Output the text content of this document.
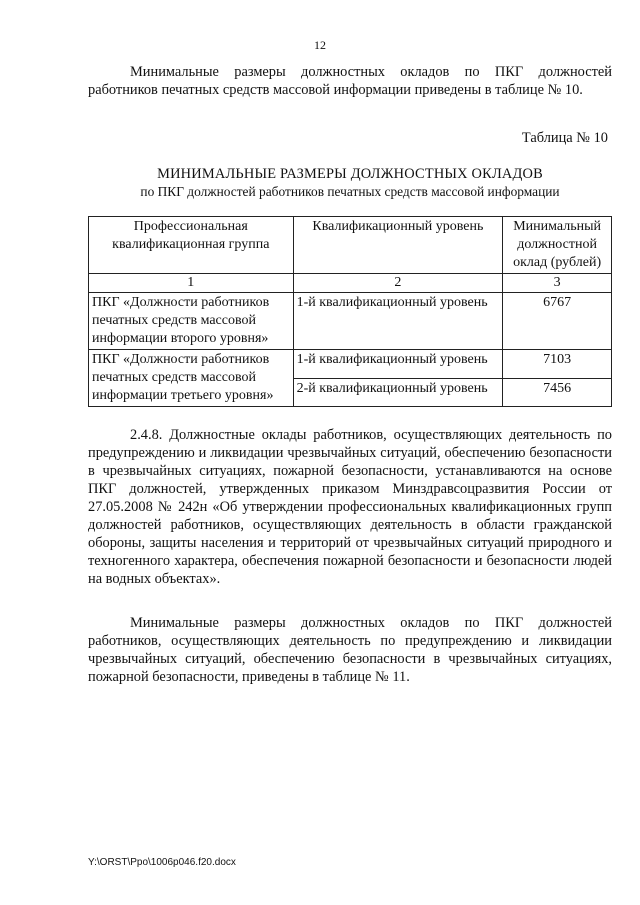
12

Минимальные размеры должностных окладов по ПКГ должностей работников печатных средств массовой информации приведены в таблице № 10.

Таблица № 10
МИНИМАЛЬНЫЕ РАЗМЕРЫ ДОЛЖНОСТНЫХ ОКЛАДОВ
по ПКГ должностей работников печатных средств массовой информации
Профессиональная квалификационная группа	Квалификационный уровень	Минимальный должностной оклад (рублей)
1	2	3
ПКГ «Должности работников печатных средств массовой информации второго уровня»	1-й квалификационный уровень	6767
ПКГ «Должности работников печатных средств массовой информации третьего уровня»	1-й квалификационный уровень	7103
	2-й квалификационный уровень	7456

2.4.8. Должностные оклады работников, осуществляющих деятельность по предупреждению и ликвидации чрезвычайных ситуаций, обеспечению безопасности в чрезвычайных ситуациях, пожарной безопасности, устанавливаются на основе ПКГ должностей, утвержденных приказом Минздравсоцразвития России от 27.05.2008 № 242н «Об утверждении профессиональных квалификационных групп должностей работников, осуществляющих деятельность в области гражданской обороны, защиты населения и территорий от чрезвычайных ситуаций природного и техногенного характера, обеспечения пожарной безопасности и безопасности людей на водных объектах».

Минимальные размеры должностных окладов по ПКГ должностей работников, осуществляющих деятельность по предупреждению и ликвидации чрезвычайных ситуаций, обеспечению безопасности в чрезвычайных ситуациях, пожарной безопасности, приведены в таблице № 11.

Y:\ORST\Ppo\1006p046.f20.docx
